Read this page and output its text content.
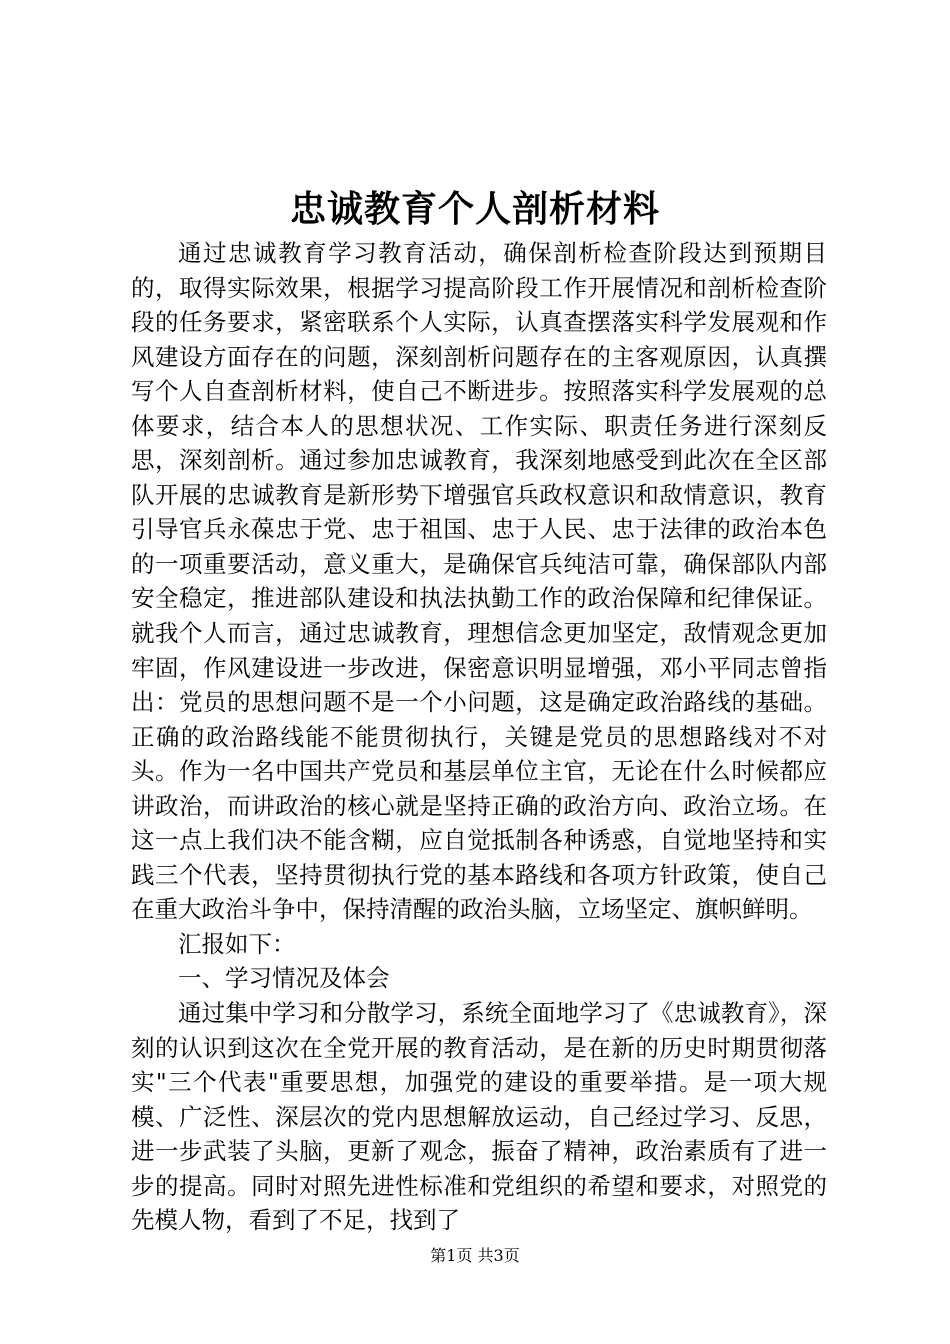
忠诚教育个人剖析材料

通过忠诚教育学习教育活动，确保剖析检查阶段达到预期目的，取得实际效果，根据学习提高阶段工作开展情况和剖析检查阶段的任务要求，紧密联系个人实际，认真查摆落实科学发展观和作风建设方面存在的问题，深刻剖析问题存在的主客观原因，认真撰写个人自查剖析材料，使自己不断进步。按照落实科学发展观的总体要求，结合本人的思想状况、工作实际、职责任务进行深刻反思，深刻剖析。通过参加忠诚教育，我深刻地感受到此次在全区部队开展的忠诚教育是新形势下增强官兵政权意识和敌情意识，教育引导官兵永葆忠于党、忠于祖国、忠于人民、忠于法律的政治本色的一项重要活动，意义重大，是确保官兵纯洁可靠，确保部队内部安全稳定，推进部队建设和执法执勤工作的政治保障和纪律保证。就我个人而言，通过忠诚教育，理想信念更加坚定，敌情观念更加牢固，作风建设进一步改进，保密意识明显增强，邓小平同志曾指出：党员的思想问题不是一个小问题，这是确定政治路线的基础。正确的政治路线能不能贯彻执行，关键是党员的思想路线对不对头。作为一名中国共产党员和基层单位主官，无论在什么时候都应讲政治，而讲政治的核心就是坚持正确的政治方向、政治立场。在这一点上我们决不能含糊，应自觉抵制各种诱惑，自觉地坚持和实践三个代表，坚持贯彻执行党的基本路线和各项方针政策，使自己在重大政治斗争中，保持清醒的政治头脑，立场坚定、旗帜鲜明。

汇报如下：

一、学习情况及体会

通过集中学习和分散学习，系统全面地学习了《忠诚教育》，深刻的认识到这次在全党开展的教育活动，是在新的历史时期贯彻落实"三个代表"重要思想，加强党的建设的重要举措。是一项大规模、广泛性、深层次的党内思想解放运动，自己经过学习、反思，进一步武装了头脑，更新了观念，振奋了精神，政治素质有了进一步的提高。同时对照先进性标准和党组织的希望和要求，对照党的先模人物，看到了不足，找到了

第1页 共3页
